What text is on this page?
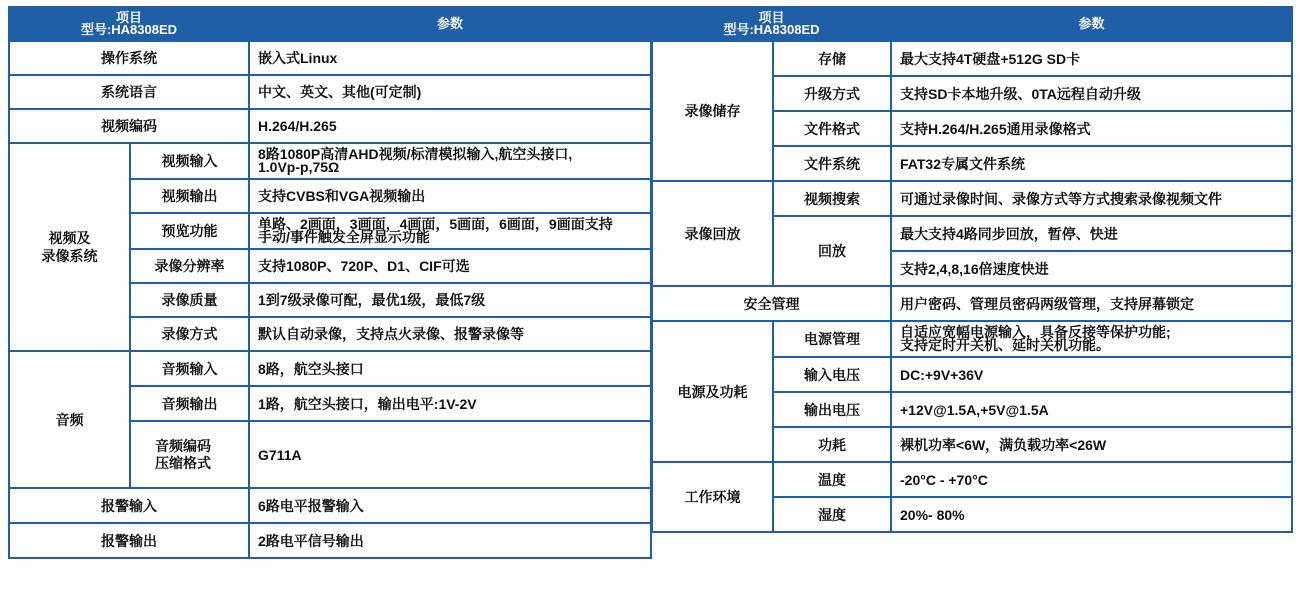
项目
型号:HA8308ED		参数
操作系统		嵌入式Linux
系统语言		中文、英文、其他(可定制)
视频编码		H.264/H.265
视频及
录像系统	视频输入	8路1080P高清AHD视频/标清模拟输入,航空头接口,
1.0Vp-p,75Ω
	视频输出	支持CVBS和VGA视频输出
	预览功能	单路、2画面，3画面，4画面，5画面，6画面，9画面支持
手动/事件触发全屏显示功能
	录像分辨率	支持1080P、720P、D1、CIF可选
	录像质量	1到7级录像可配，最优1级，最低7级
	录像方式	默认自动录像，支持点火录像、报警录像等
音频	音频输入	8路，航空头接口
	音频输出	1路，航空头接口，输出电平:1V-2V
	音频编码
压缩格式	G711A
报警输入		6路电平报警输入
报警输出		2路电平信号输出
项目
型号:HA8308ED		参数
录像储存	存储	最大支持4T硬盘+512G SD卡
	升级方式	支持SD卡本地升级、0TA远程自动升级
	文件格式	支持H.264/H.265通用录像格式
	文件系统	FAT32专属文件系统
录像回放	视频搜索	可通过录像时间、录像方式等方式搜索录像视频文件
	回放	最大支持4路同步回放，暂停、快进
		支持2,4,8,16倍速度快进
安全管理		用户密码、管理员密码两级管理，支持屏幕锁定
电源及功耗	电源管理	自适应宽幅电源输入，具备反接等保护功能;
支持定时开关机、延时关机功能。
	输入电压	DC:+9V+36V
	输出电压	+12V@1.5A,+5V@1.5A
	功耗	裸机功率<6W，满负载功率<26W
工作环境	温度	-20°C - +70°C
	湿度	20%- 80%
